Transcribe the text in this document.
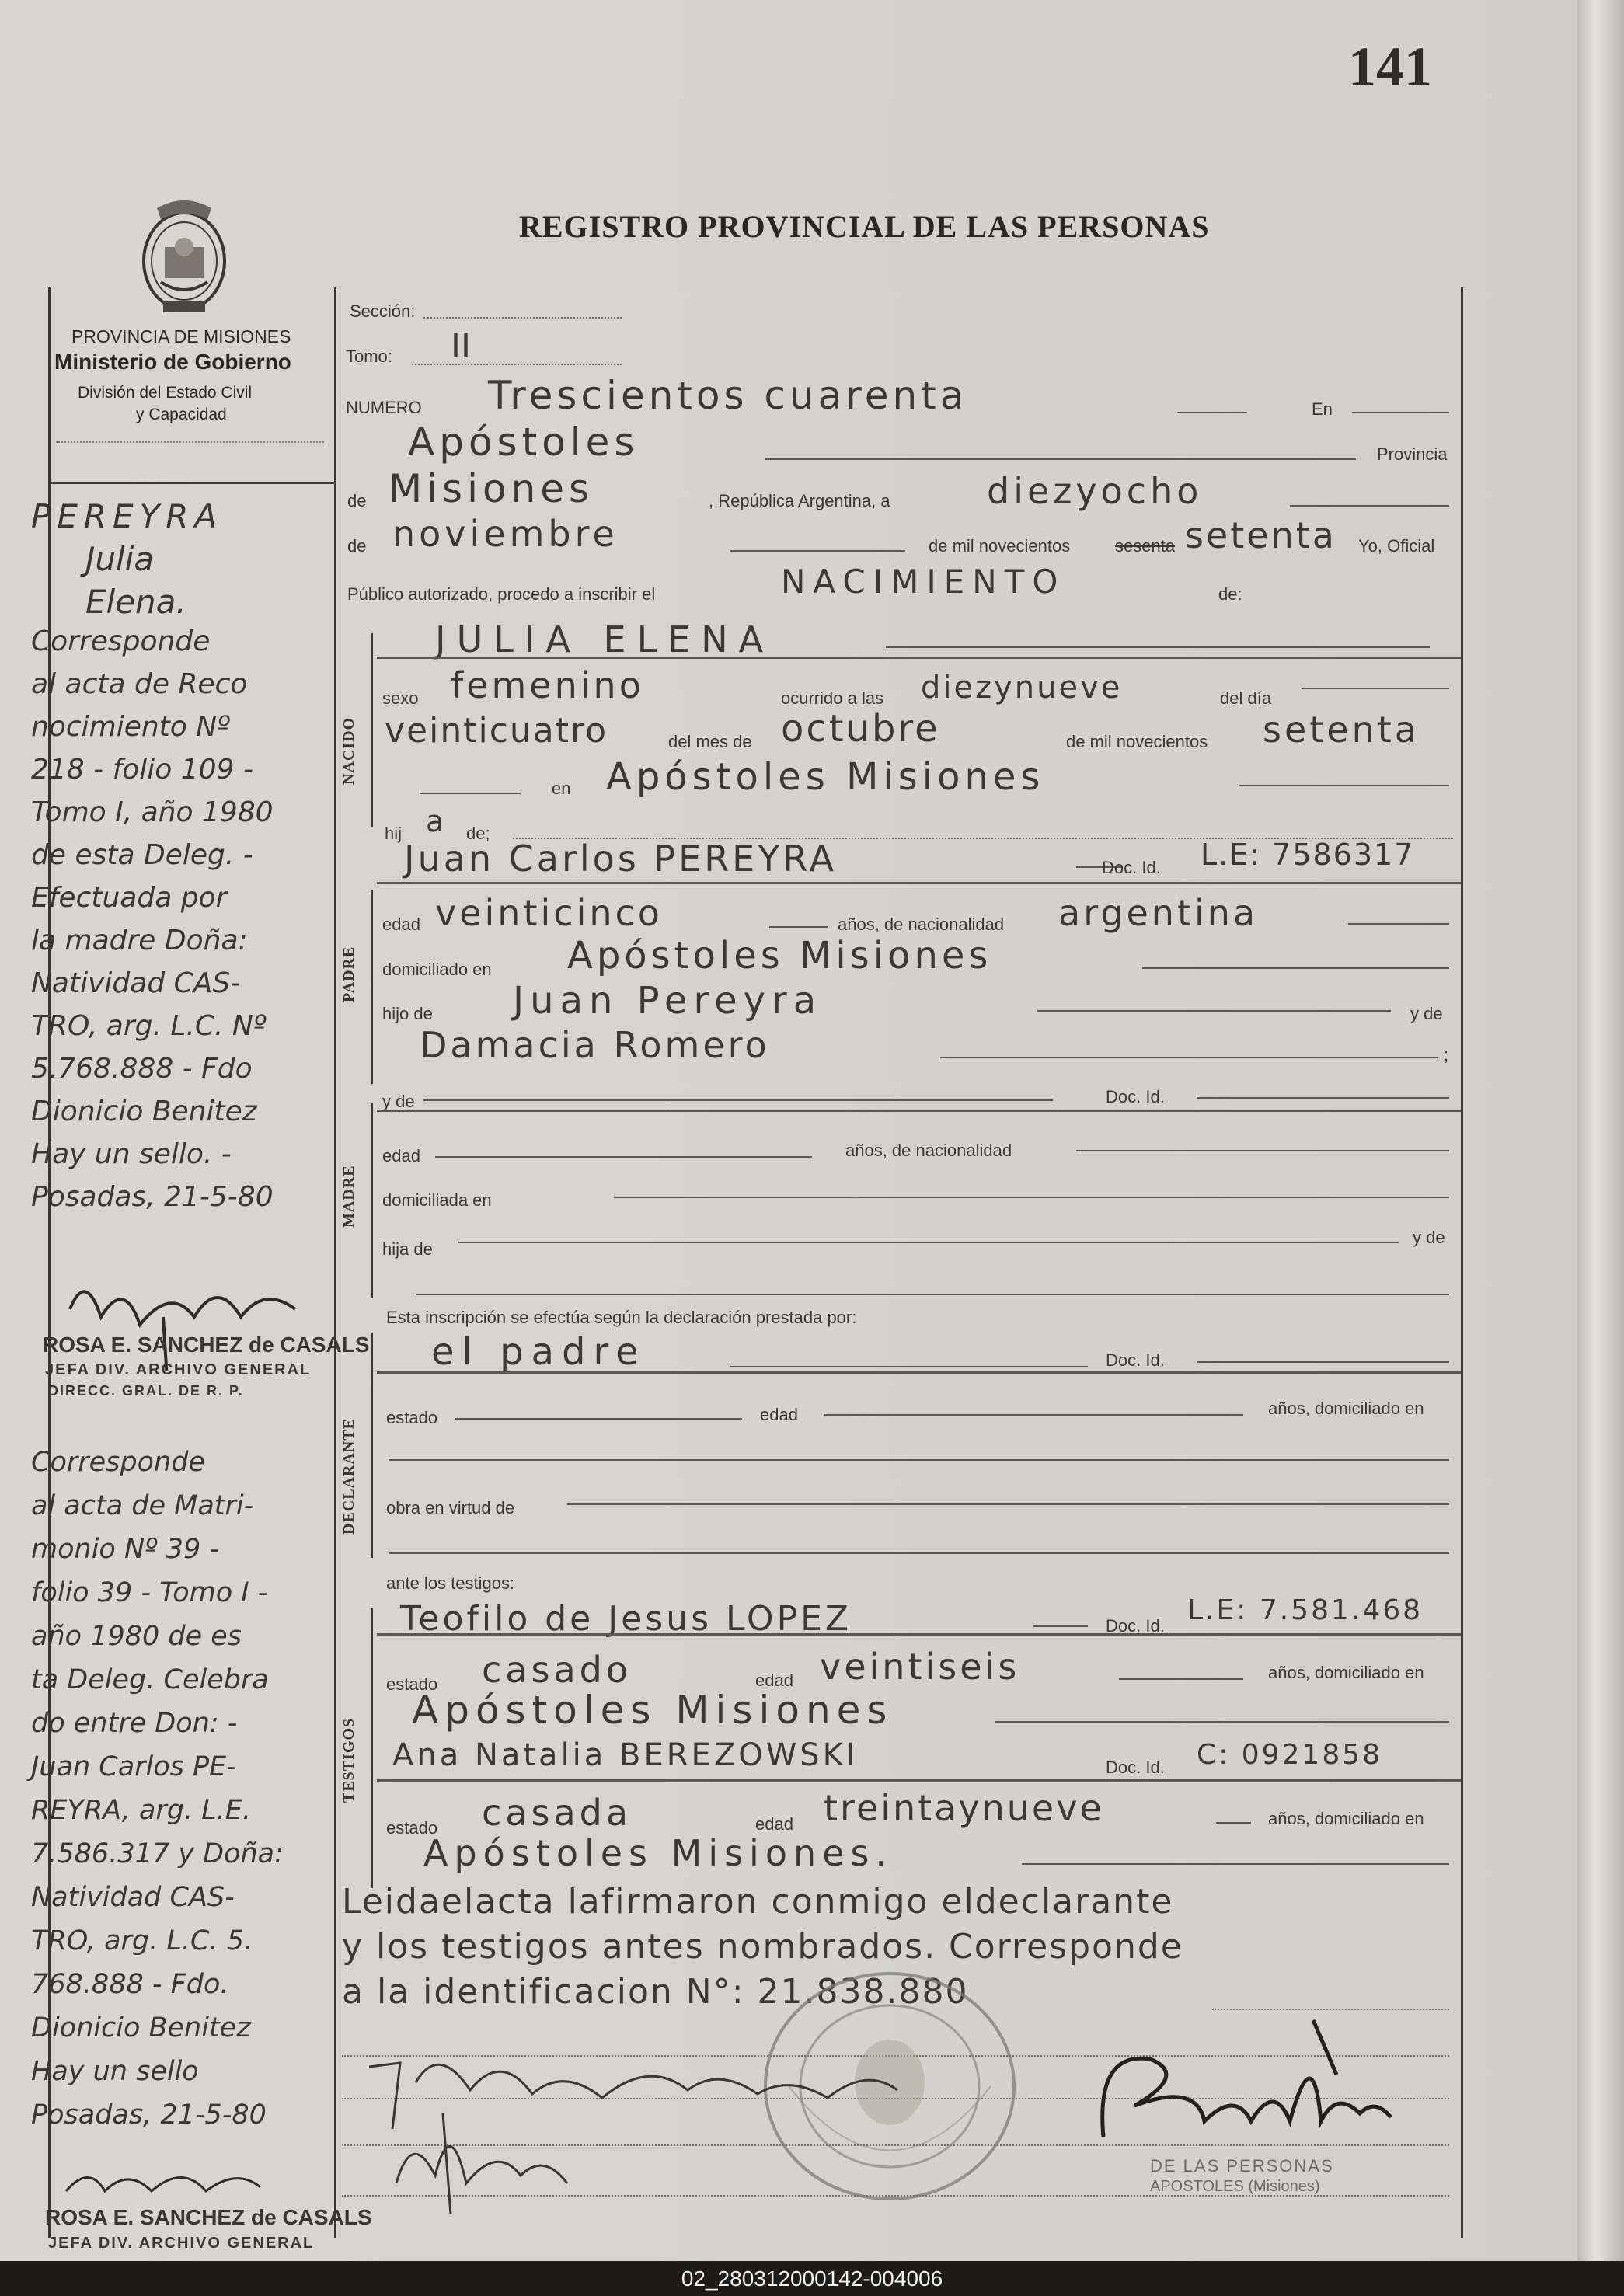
141
REGISTRO PROVINCIAL DE LAS PERSONAS
PROVINCIA DE MISIONES
Ministerio de Gobierno
División del Estado Civil
y Capacidad
NACIDO
PADRE
MADRE
DECLARANTE
TESTIGOS
Sección:
Tomo: II
NUMERO Trescientos cuarenta	En
Apóstoles	Provincia
de Misiones	, República Argentina, a	diezyocho
de noviembre	de mil novecientos	sesenta setenta Yo, Oficial
Público autorizado, procedo a inscribir el	NACIMIENTO	de:
JULIA ELENA
sexo femenino	ocurrido a las diezynueve	del día
veinticuatro	del mes de octubre	de mil novecientos setenta
en Apóstoles Misiones
hij a de;
Juan Carlos PEREYRA	Doc. Id. L.E: 7586317
edad veinticinco	años, de nacionalidad argentina
domiciliado en Apóstoles Misiones
hijo de Juan Pereyra	y de
Damacia Romero	;
y de	Doc. Id.
edad	años, de nacionalidad
domiciliada en
hija de
y de
Esta inscripción se efectúa según la declaración prestada por:
el padre	Doc. Id.
estado	edad	años, domiciliado en
obra en virtud de
ante los testigos:
Teofilo de Jesus LOPEZ	Doc. Id. L.E: 7.581.468
estado casado	edad veintiseis	años, domiciliado en
Apóstoles Misiones
Ana Natalia BEREZOWSKI	Doc. Id. C: 0921858
estado casada	edad treintaynueve	años, domiciliado en
Apóstoles Misiones.
Leidaelacta lafirmaron conmigo eldeclarante
y los testigos antes nombrados. Corresponde
a la identificacion N°: 21.838.880
DE LAS PERSONAS
APOSTOLES (Misiones)
PEREYRA
Julia
Elena.
Corresponde
al acta de Reco
nocimiento Nº
218 - folio 109 -
Tomo I, año 1980
de esta Deleg. -
Efectuada por
la madre Doña:
Natividad CAS-
TRO, arg. L.C. Nº
5.768.888 - Fdo
Dionicio Benitez
Hay un sello. -
Posadas, 21-5-80
Corresponde
al acta de Matri-
monio Nº 39 -
folio 39 - Tomo I -
año 1980 de es
ta Deleg. Celebra
do entre Don: -
Juan Carlos PE-
REYRA, arg. L.E.
7.586.317 y Doña:
Natividad CAS-
TRO, arg. L.C. 5.
768.888 - Fdo.
Dionicio Benitez
Hay un sello
Posadas, 21-5-80
ROSA E. SANCHEZ de CASALS
JEFA DIV. ARCHIVO GENERAL
DIRECC. GRAL. DE R. P.
ROSA E. SANCHEZ de CASALS
JEFA DIV. ARCHIVO GENERAL
02_280312000142-004006
